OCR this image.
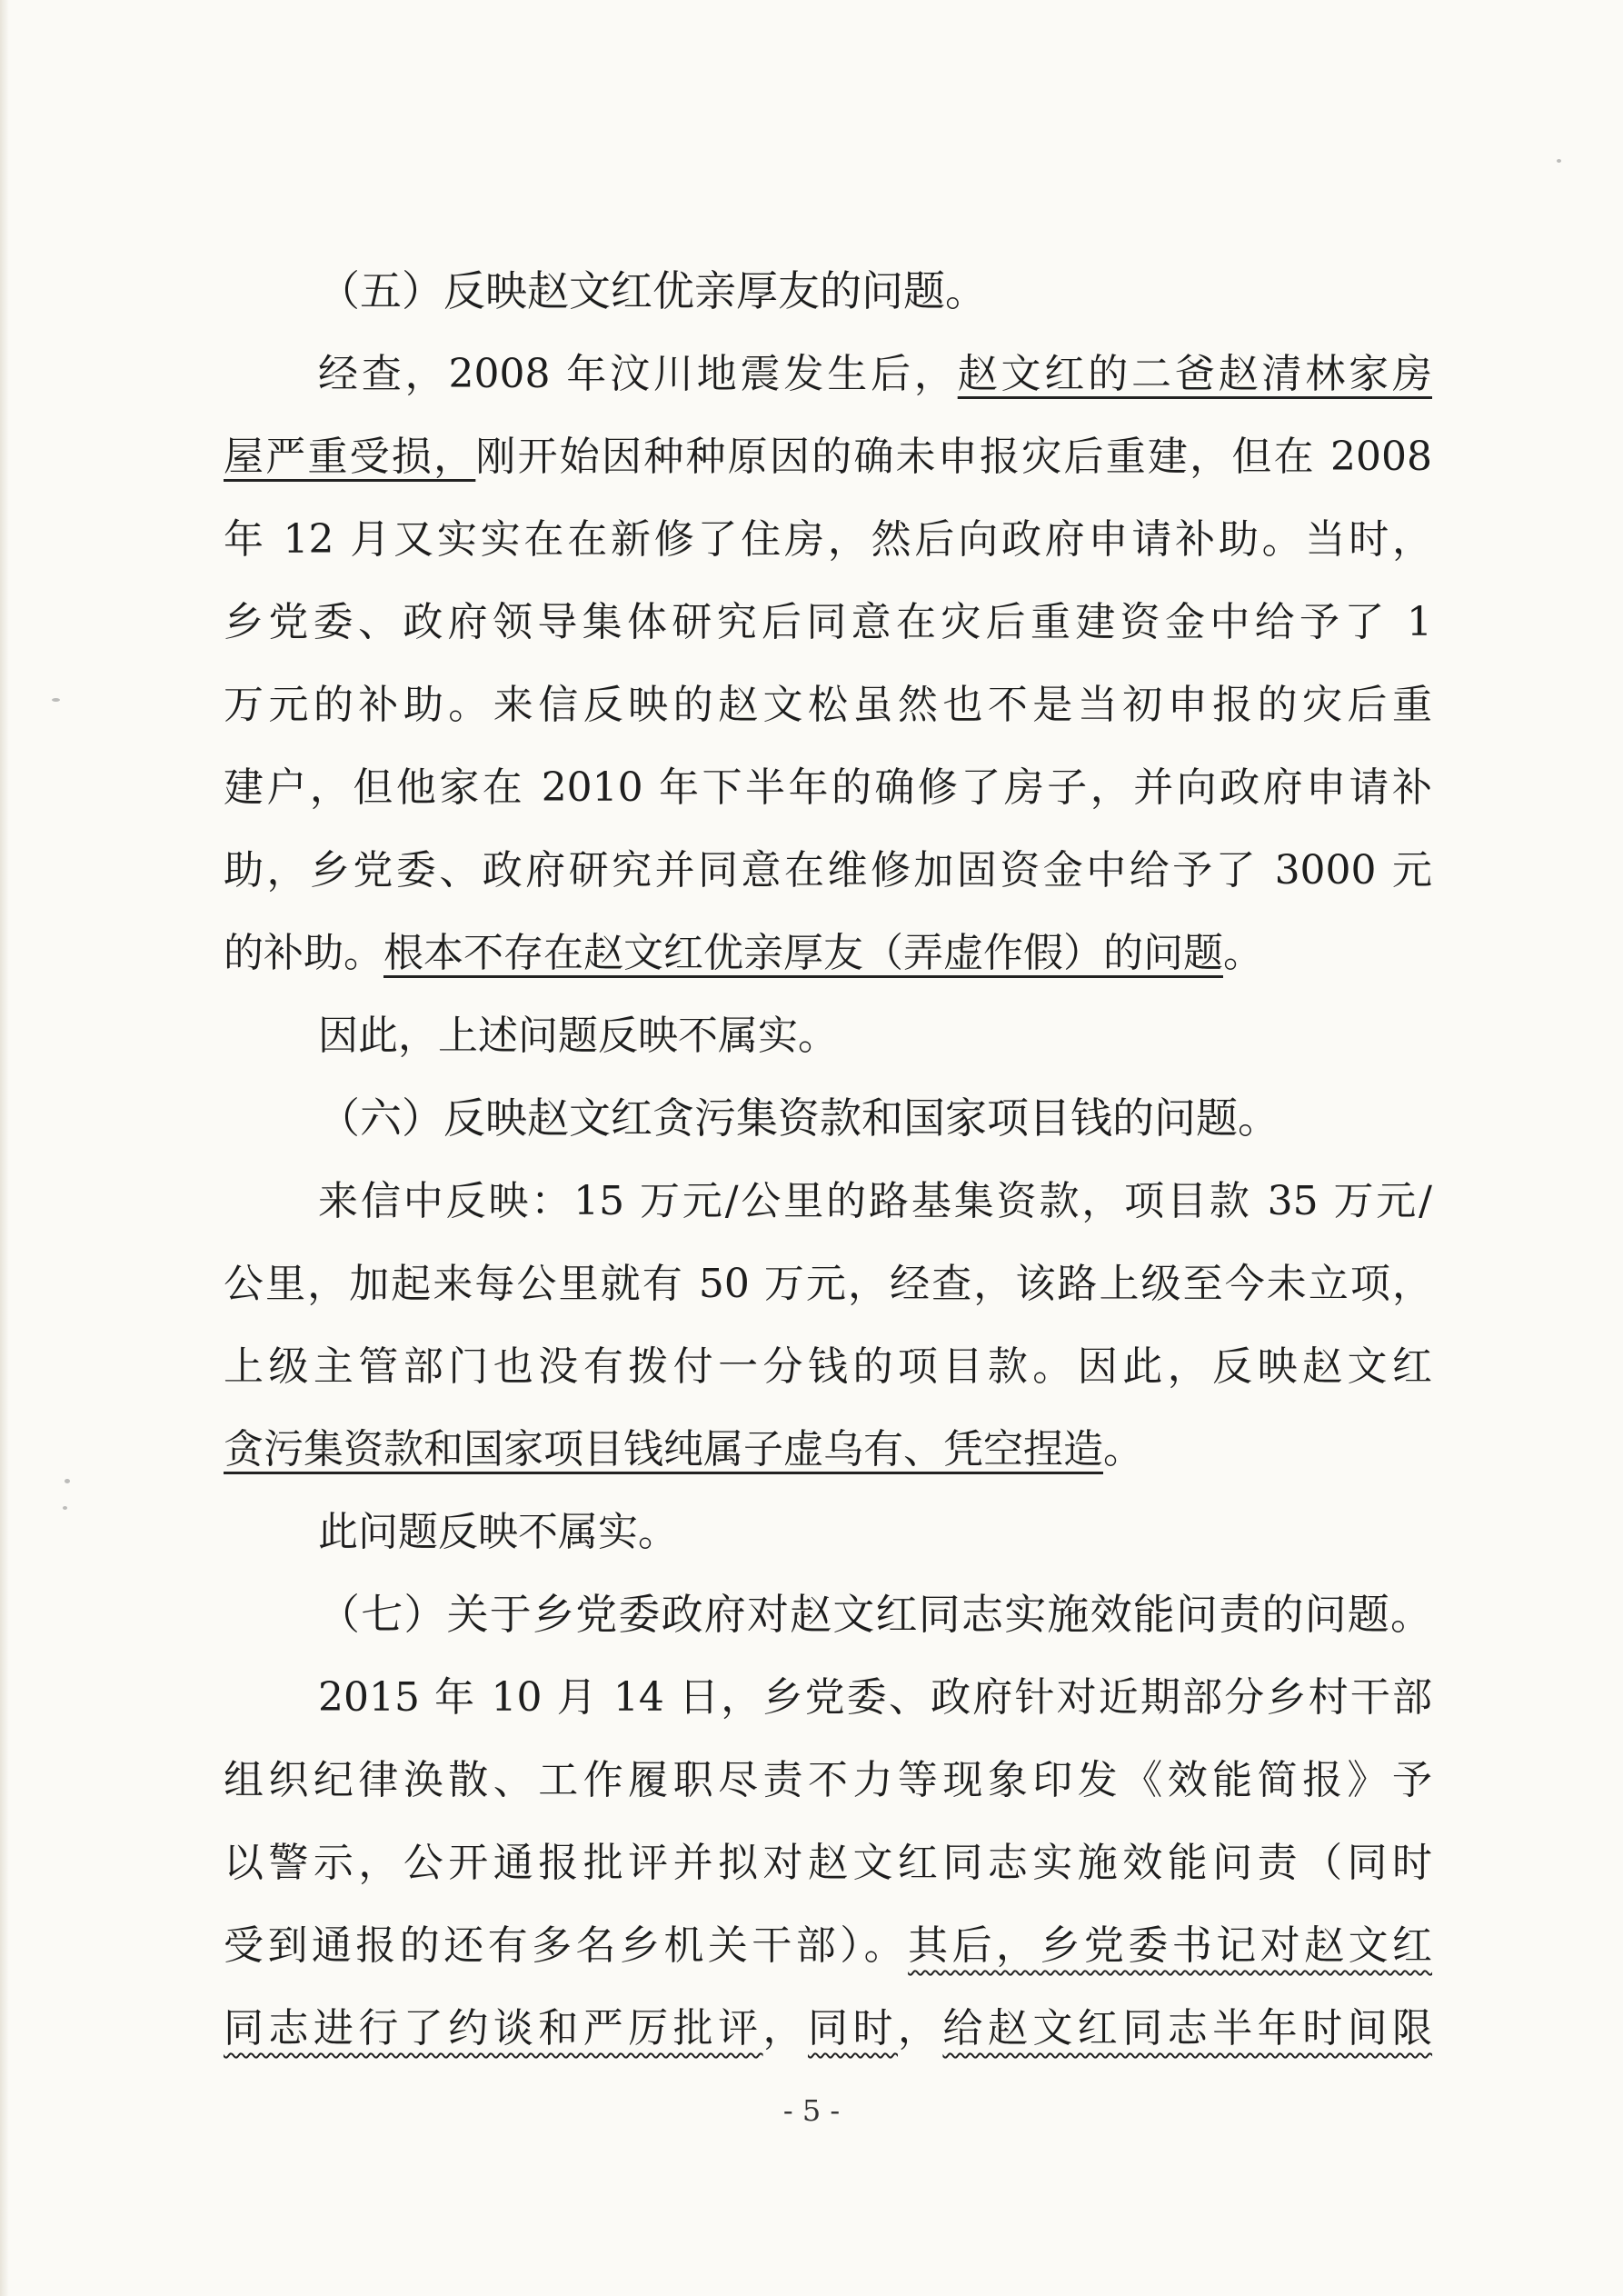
（五）反映赵文红优亲厚友的问题。
经查，2008 年汶川地震发生后，赵文红的二爸赵清林家房
屋严重受损，刚开始因种种原因的确未申报灾后重建，但在 2008
年 12 月又实实在在新修了住房，然后向政府申请补助。当时，
乡党委、政府领导集体研究后同意在灾后重建资金中给予了 1
万元的补助。来信反映的赵文松虽然也不是当初申报的灾后重
建户，但他家在 2010 年下半年的确修了房子，并向政府申请补
助，乡党委、政府研究并同意在维修加固资金中给予了 3000 元
的补助。根本不存在赵文红优亲厚友（弄虚作假）的问题。
因此，上述问题反映不属实。
（六）反映赵文红贪污集资款和国家项目钱的问题。
来信中反映：15 万元/公里的路基集资款，项目款 35 万元/
公里，加起来每公里就有 50 万元，经查，该路上级至今未立项，
上级主管部门也没有拨付一分钱的项目款。因此，反映赵文红
贪污集资款和国家项目钱纯属子虚乌有、凭空捏造。
此问题反映不属实。
（七）关于乡党委政府对赵文红同志实施效能问责的问题。
2015 年 10 月 14 日，乡党委、政府针对近期部分乡村干部
组织纪律涣散、工作履职尽责不力等现象印发《效能简报》予
以警示，公开通报批评并拟对赵文红同志实施效能问责（同时
受到通报的还有多名乡机关干部）。其后，乡党委书记对赵文红
同志进行了约谈和严厉批评，同时，给赵文红同志半年时间限
- 5 -
